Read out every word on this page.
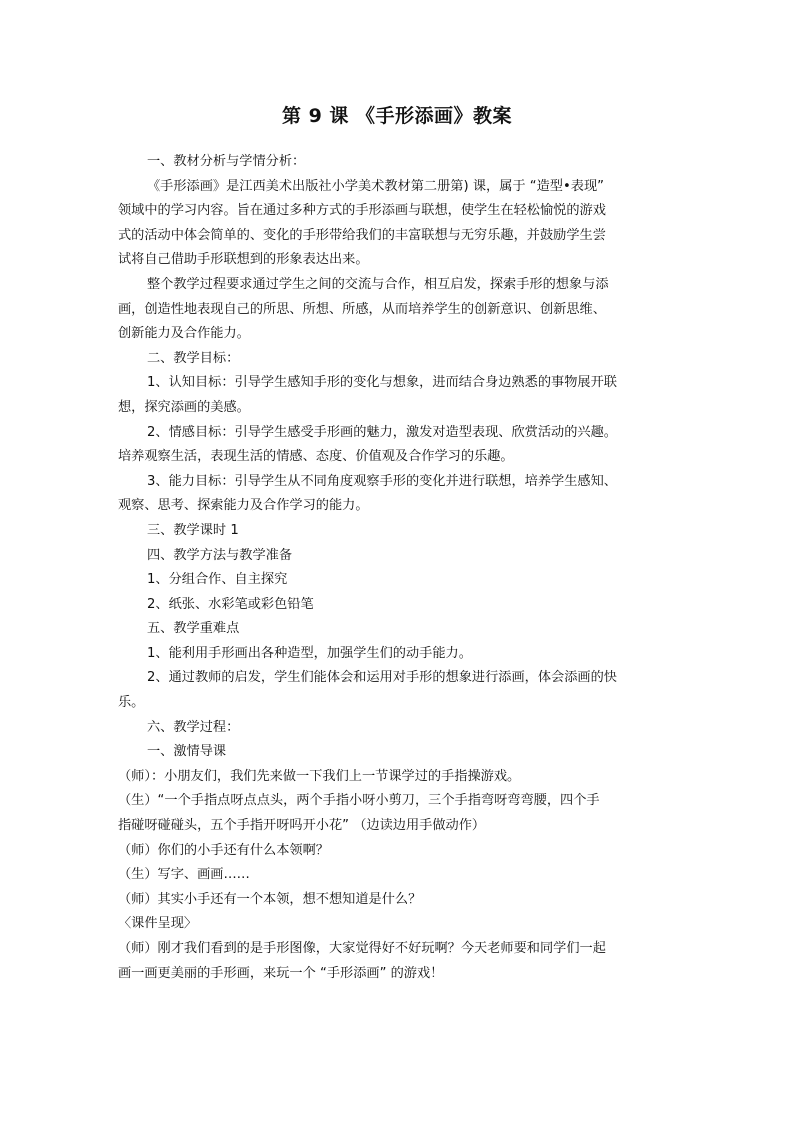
第 9 课 《手形添画》教案

一、教材分析与学情分析：

《手形添画》是江西美术出版社小学美术教材第二册第) 课，属于 “造型•表现”

领域中的学习内容。旨在通过多种方式的手形添画与联想，使学生在轻松愉悦的游戏

式的活动中体会简单的、变化的手形带给我们的丰富联想与无穷乐趣，并鼓励学生尝

试将自己借助手形联想到的形象表达出来。

整个教学过程要求通过学生之间的交流与合作，相互启发，探索手形的想象与添

画，创造性地表现自己的所思、所想、所感，从而培养学生的创新意识、创新思维、

创新能力及合作能力。

二、教学目标：

1、认知目标：引导学生感知手形的变化与想象，进而结合身边熟悉的事物展开联

想，探究添画的美感。

2、情感目标：引导学生感受手形画的魅力，激发对造型表现、欣赏活动的兴趣。

培养观察生活，表现生活的情感、态度、价值观及合作学习的乐趣。

3、能力目标：引导学生从不同角度观察手形的变化并进行联想，培养学生感知、

观察、思考、探索能力及合作学习的能力。

三、教学课时 1

四、教学方法与教学准备

1、分组合作、自主探究

2、纸张、水彩笔或彩色铅笔

五、教学重难点

1、能利用手形画出各种造型，加强学生们的动手能力。

2、通过教师的启发，学生们能体会和运用对手形的想象进行添画，体会添画的快

乐。

六、教学过程：

一、激情导课

（师）：小朋友们，我们先来做一下我们上一节课学过的手指操游戏。

（生）“一个手指点呀点点头，两个手指小呀小剪刀，三个手指弯呀弯弯腰，四个手

指碰呀碰碰头，五个手指开呀吗开小花” （边读边用手做动作）

（师）你们的小手还有什么本领啊？

（生）写字、画画……

（师）其实小手还有一个本领，想不想知道是什么？

〈课件呈现〉

（师）刚才我们看到的是手形图像，大家觉得好不好玩啊？今天老师要和同学们一起

画一画更美丽的手形画，来玩一个 “手形添画” 的游戏！
